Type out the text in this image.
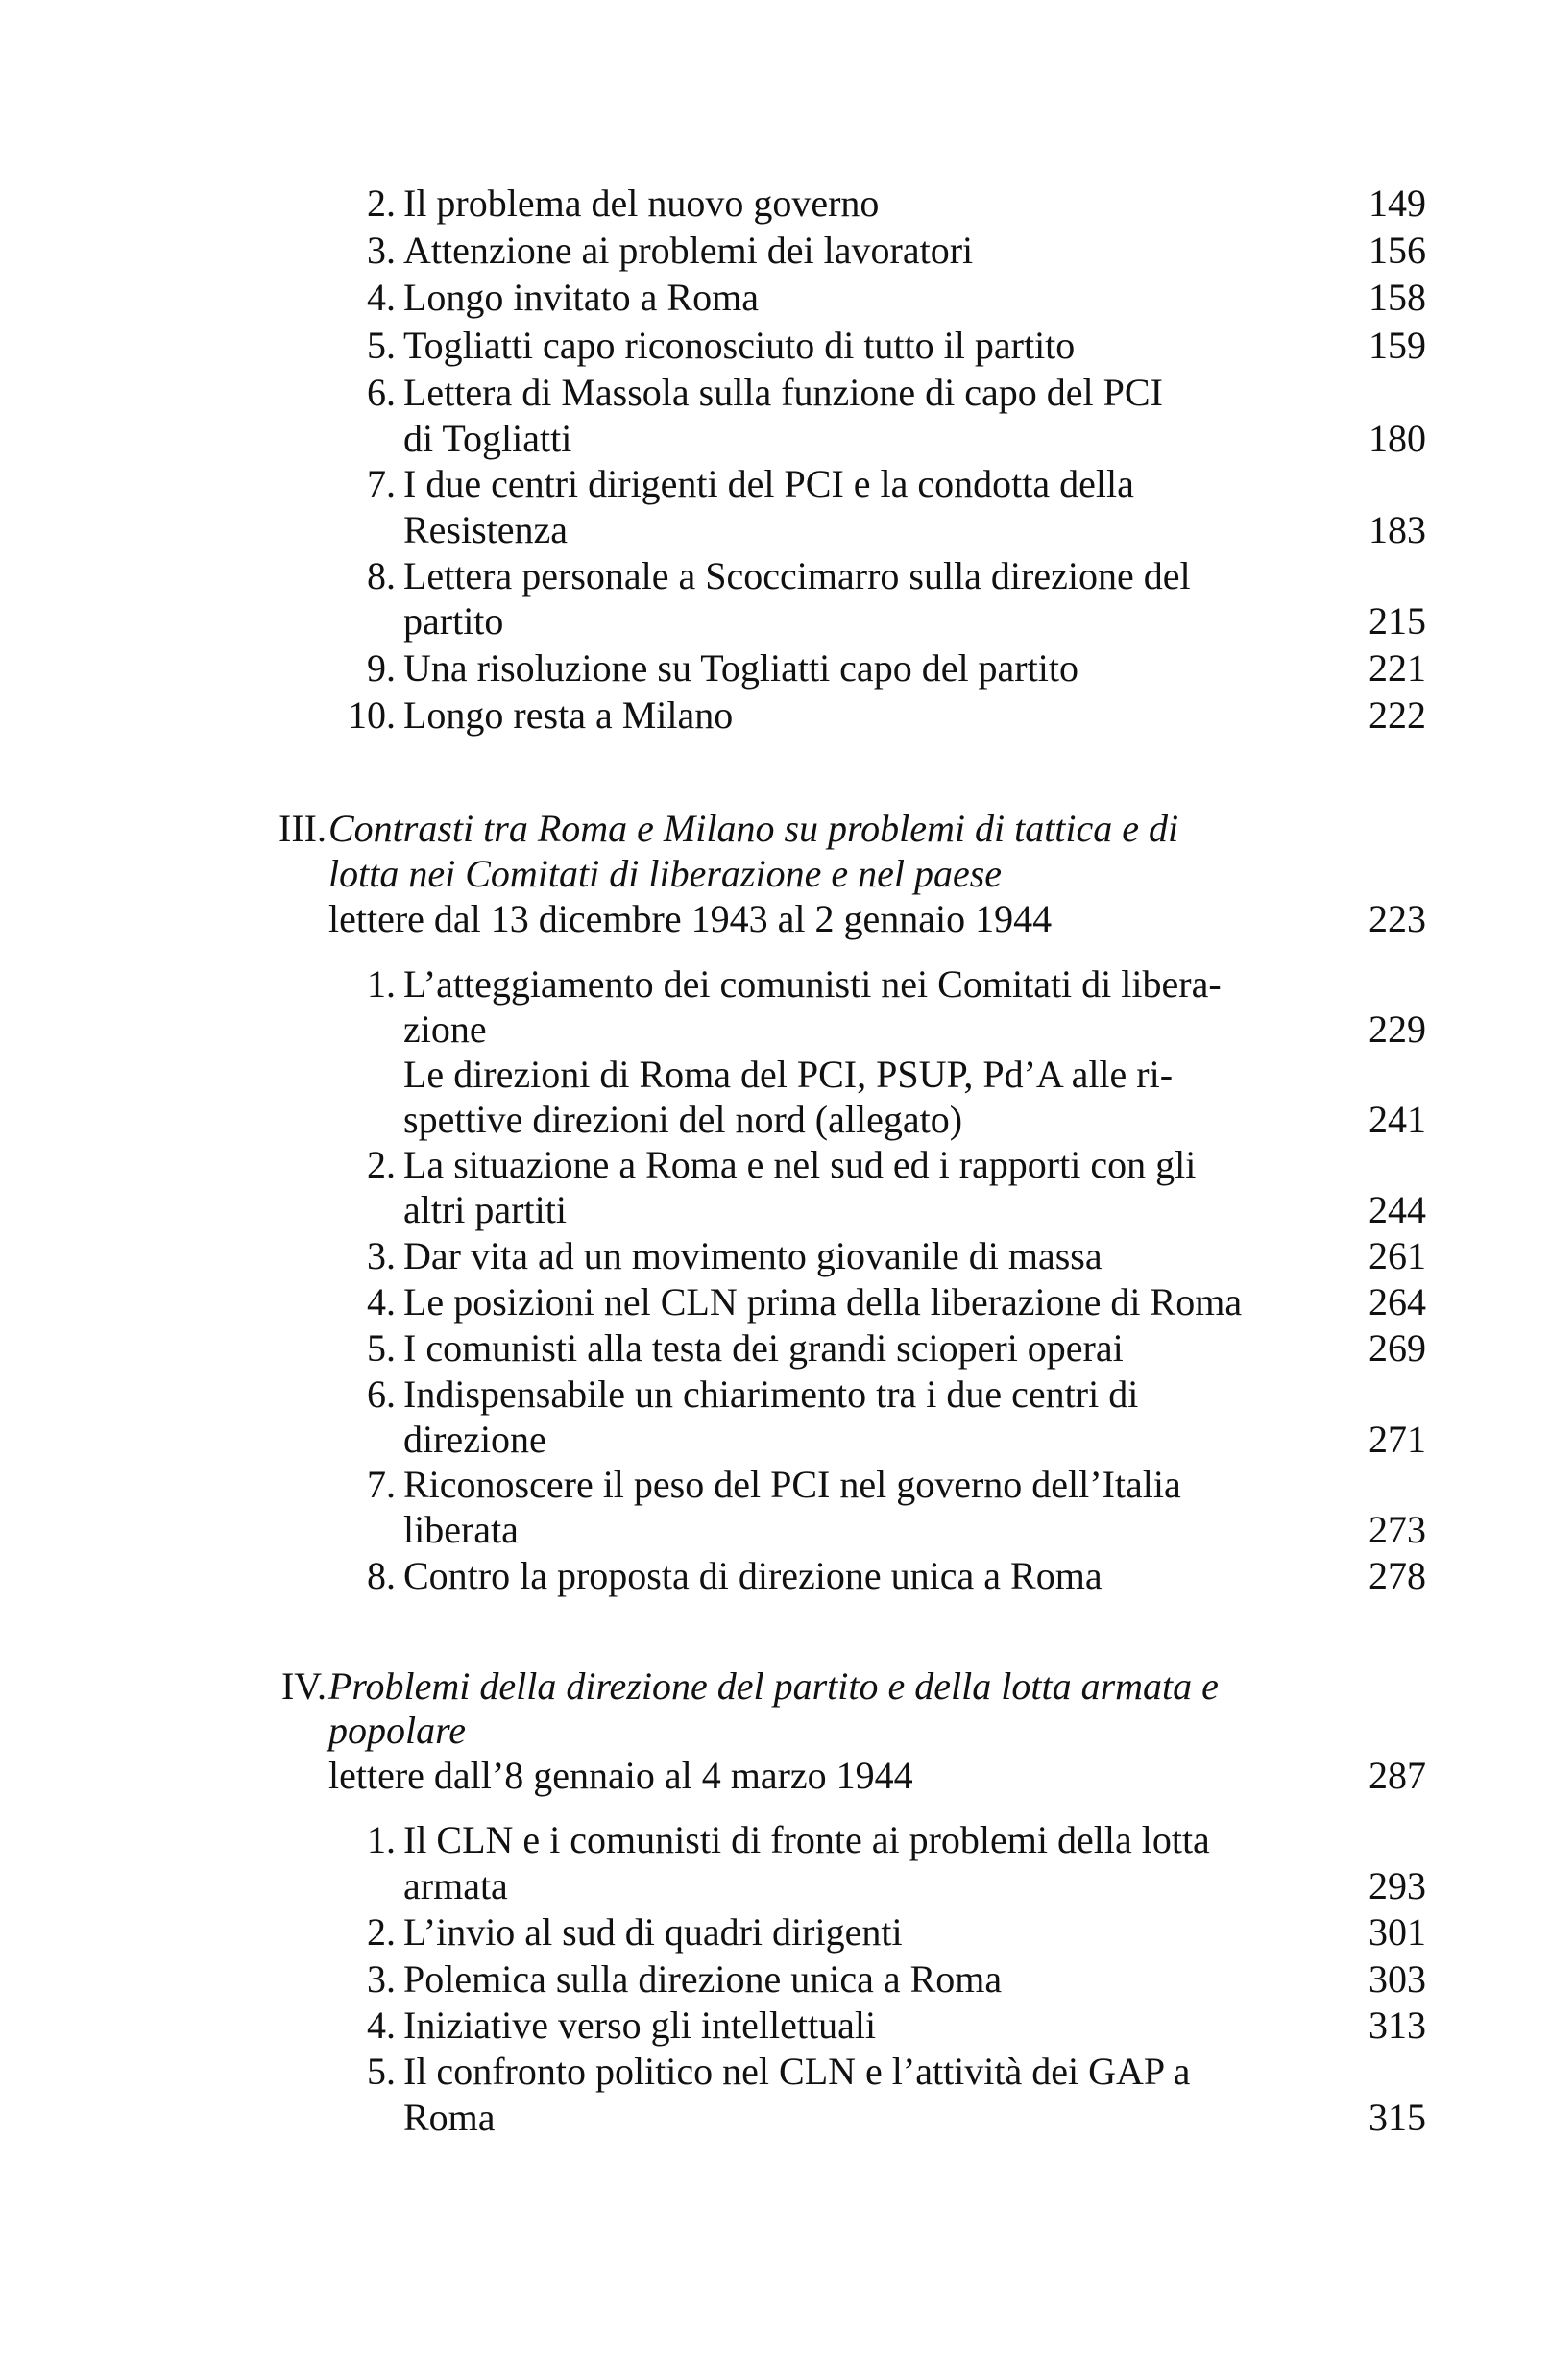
2. Il problema del nuovo governo	149
3. Attenzione ai problemi dei lavoratori	156
4. Longo invitato a Roma	158
5. Togliatti capo riconosciuto di tutto il partito	159
6. Lettera di Massola sulla funzione di capo del PCI
di Togliatti	180
7. I due centri dirigenti del PCI e la condotta della
Resistenza	183
8. Lettera personale a Scoccimarro sulla direzione del
partito	215
9. Una risoluzione su Togliatti capo del partito	221
10. Longo resta a Milano	222
III. Contrasti tra Roma e Milano su problemi di tattica e di
lotta nei Comitati di liberazione e nel paese
lettere dal 13 dicembre 1943 al 2 gennaio 1944	223
1. L’atteggiamento dei comunisti nei Comitati di libera-
zione	229
Le direzioni di Roma del PCI, PSUP, Pd’A alle ri-
spettive direzioni del nord (allegato)	241
2. La situazione a Roma e nel sud ed i rapporti con gli
altri partiti	244
3. Dar vita ad un movimento giovanile di massa	261
4. Le posizioni nel CLN prima della liberazione di Roma	264
5. I comunisti alla testa dei grandi scioperi operai	269
6. Indispensabile un chiarimento tra i due centri di
direzione	271
7. Riconoscere il peso del PCI nel governo dell’Italia
liberata	273
8. Contro la proposta di direzione unica a Roma	278
IV. Problemi della direzione del partito e della lotta armata e
popolare
lettere dall’8 gennaio al 4 marzo 1944	287
1. Il CLN e i comunisti di fronte ai problemi della lotta
armata	293
2. L’invio al sud di quadri dirigenti	301
3. Polemica sulla direzione unica a Roma	303
4. Iniziative verso gli intellettuali	313
5. Il confronto politico nel CLN e l’attività dei GAP a
Roma	315
